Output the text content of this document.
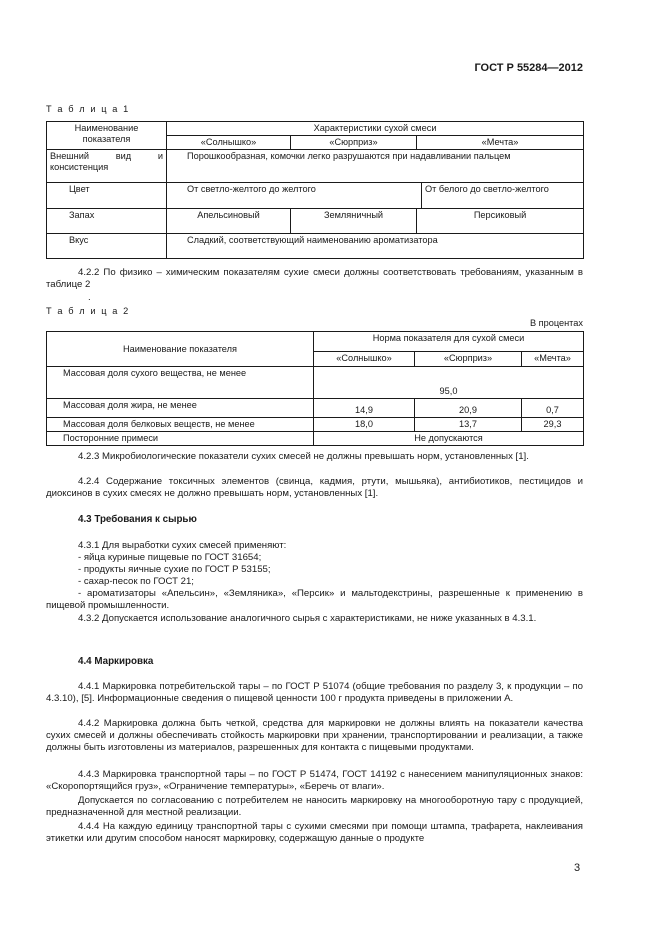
ГОСТ Р 55284—2012
Т а б л и ц а 1
Наименование показателя	Характеристики сухой смеси			
	«Солнышко»	«Сюрприз»	«Мечта»	
Внешний вид и консистенция	Порошкообразная, комочки легко разрушаются при надавливании пальцем			
Цвет	От светло-желтого до желтого			От белого до светло-желтого
Запах	Апельсиновый	Земляничный	Персиковый	
Вкус	Сладкий, соответствующий наименованию ароматизатора			
4.2.2 По физико – химическим показателям сухие смеси должны соответствовать требованиям, указанным в таблице 2
.
Т а б л и ц а 2
В процентах
Наименование показателя	Норма показателя для сухой смеси		
	«Солнышко»	«Сюрприз»	«Мечта»
Массовая доля сухого вещества, не менее	95,0		
Массовая доля жира, не менее	14,9	20,9	0,7
Массовая доля белковых веществ, не менее	18,0	13,7	29,3
Посторонние примеси	Не допускаются		
4.2.3 Микробиологические показатели сухих смесей не должны превышать норм, установленных [1].
4.2.4 Содержание токсичных элементов (свинца, кадмия, ртути, мышьяка), антибиотиков, пестицидов и диоксинов в сухих смесях не должно превышать норм, установленных [1].
4.3 Требования к сырью
4.3.1 Для выработки сухих смесей применяют:
- яйца куриные пищевые по ГОСТ 31654;
- продукты яичные сухие по ГОСТ Р 53155;
- сахар-песок по ГОСТ 21;
- ароматизаторы «Апельсин», «Земляника», «Персик» и мальтодекстрины, разрешенные к применению в пищевой промышленности.
4.3.2 Допускается использование аналогичного сырья с характеристиками, не ниже указанных в 4.3.1.
4.4 Маркировка
4.4.1 Маркировка потребительской тары – по ГОСТ Р 51074 (общие требования по разделу 3, к продукции – по 4.3.10), [5]. Информационные сведения о пищевой ценности 100 г продукта приведены в приложении А.
4.4.2 Маркировка должна быть четкой, средства для маркировки не должны влиять на показатели качества сухих смесей и должны обеспечивать стойкость маркировки при хранении, транспортировании и реализации, а также должны быть изготовлены из материалов, разрешенных для контакта с пищевыми продуктами.
4.4.3 Маркировка транспортной тары – по ГОСТ Р 51474, ГОСТ 14192 с нанесением манипуляционных знаков: «Скоропортящийся груз», «Ограничение температуры», «Беречь от влаги».
Допускается по согласованию с потребителем не наносить маркировку на многооборотную тару с продукцией, предназначенной для местной реализации.
4.4.4 На каждую единицу транспортной тары с сухими смесями при помощи штампа, трафарета, наклеивания этикетки или другим способом наносят маркировку, содержащую данные о продукте
3
